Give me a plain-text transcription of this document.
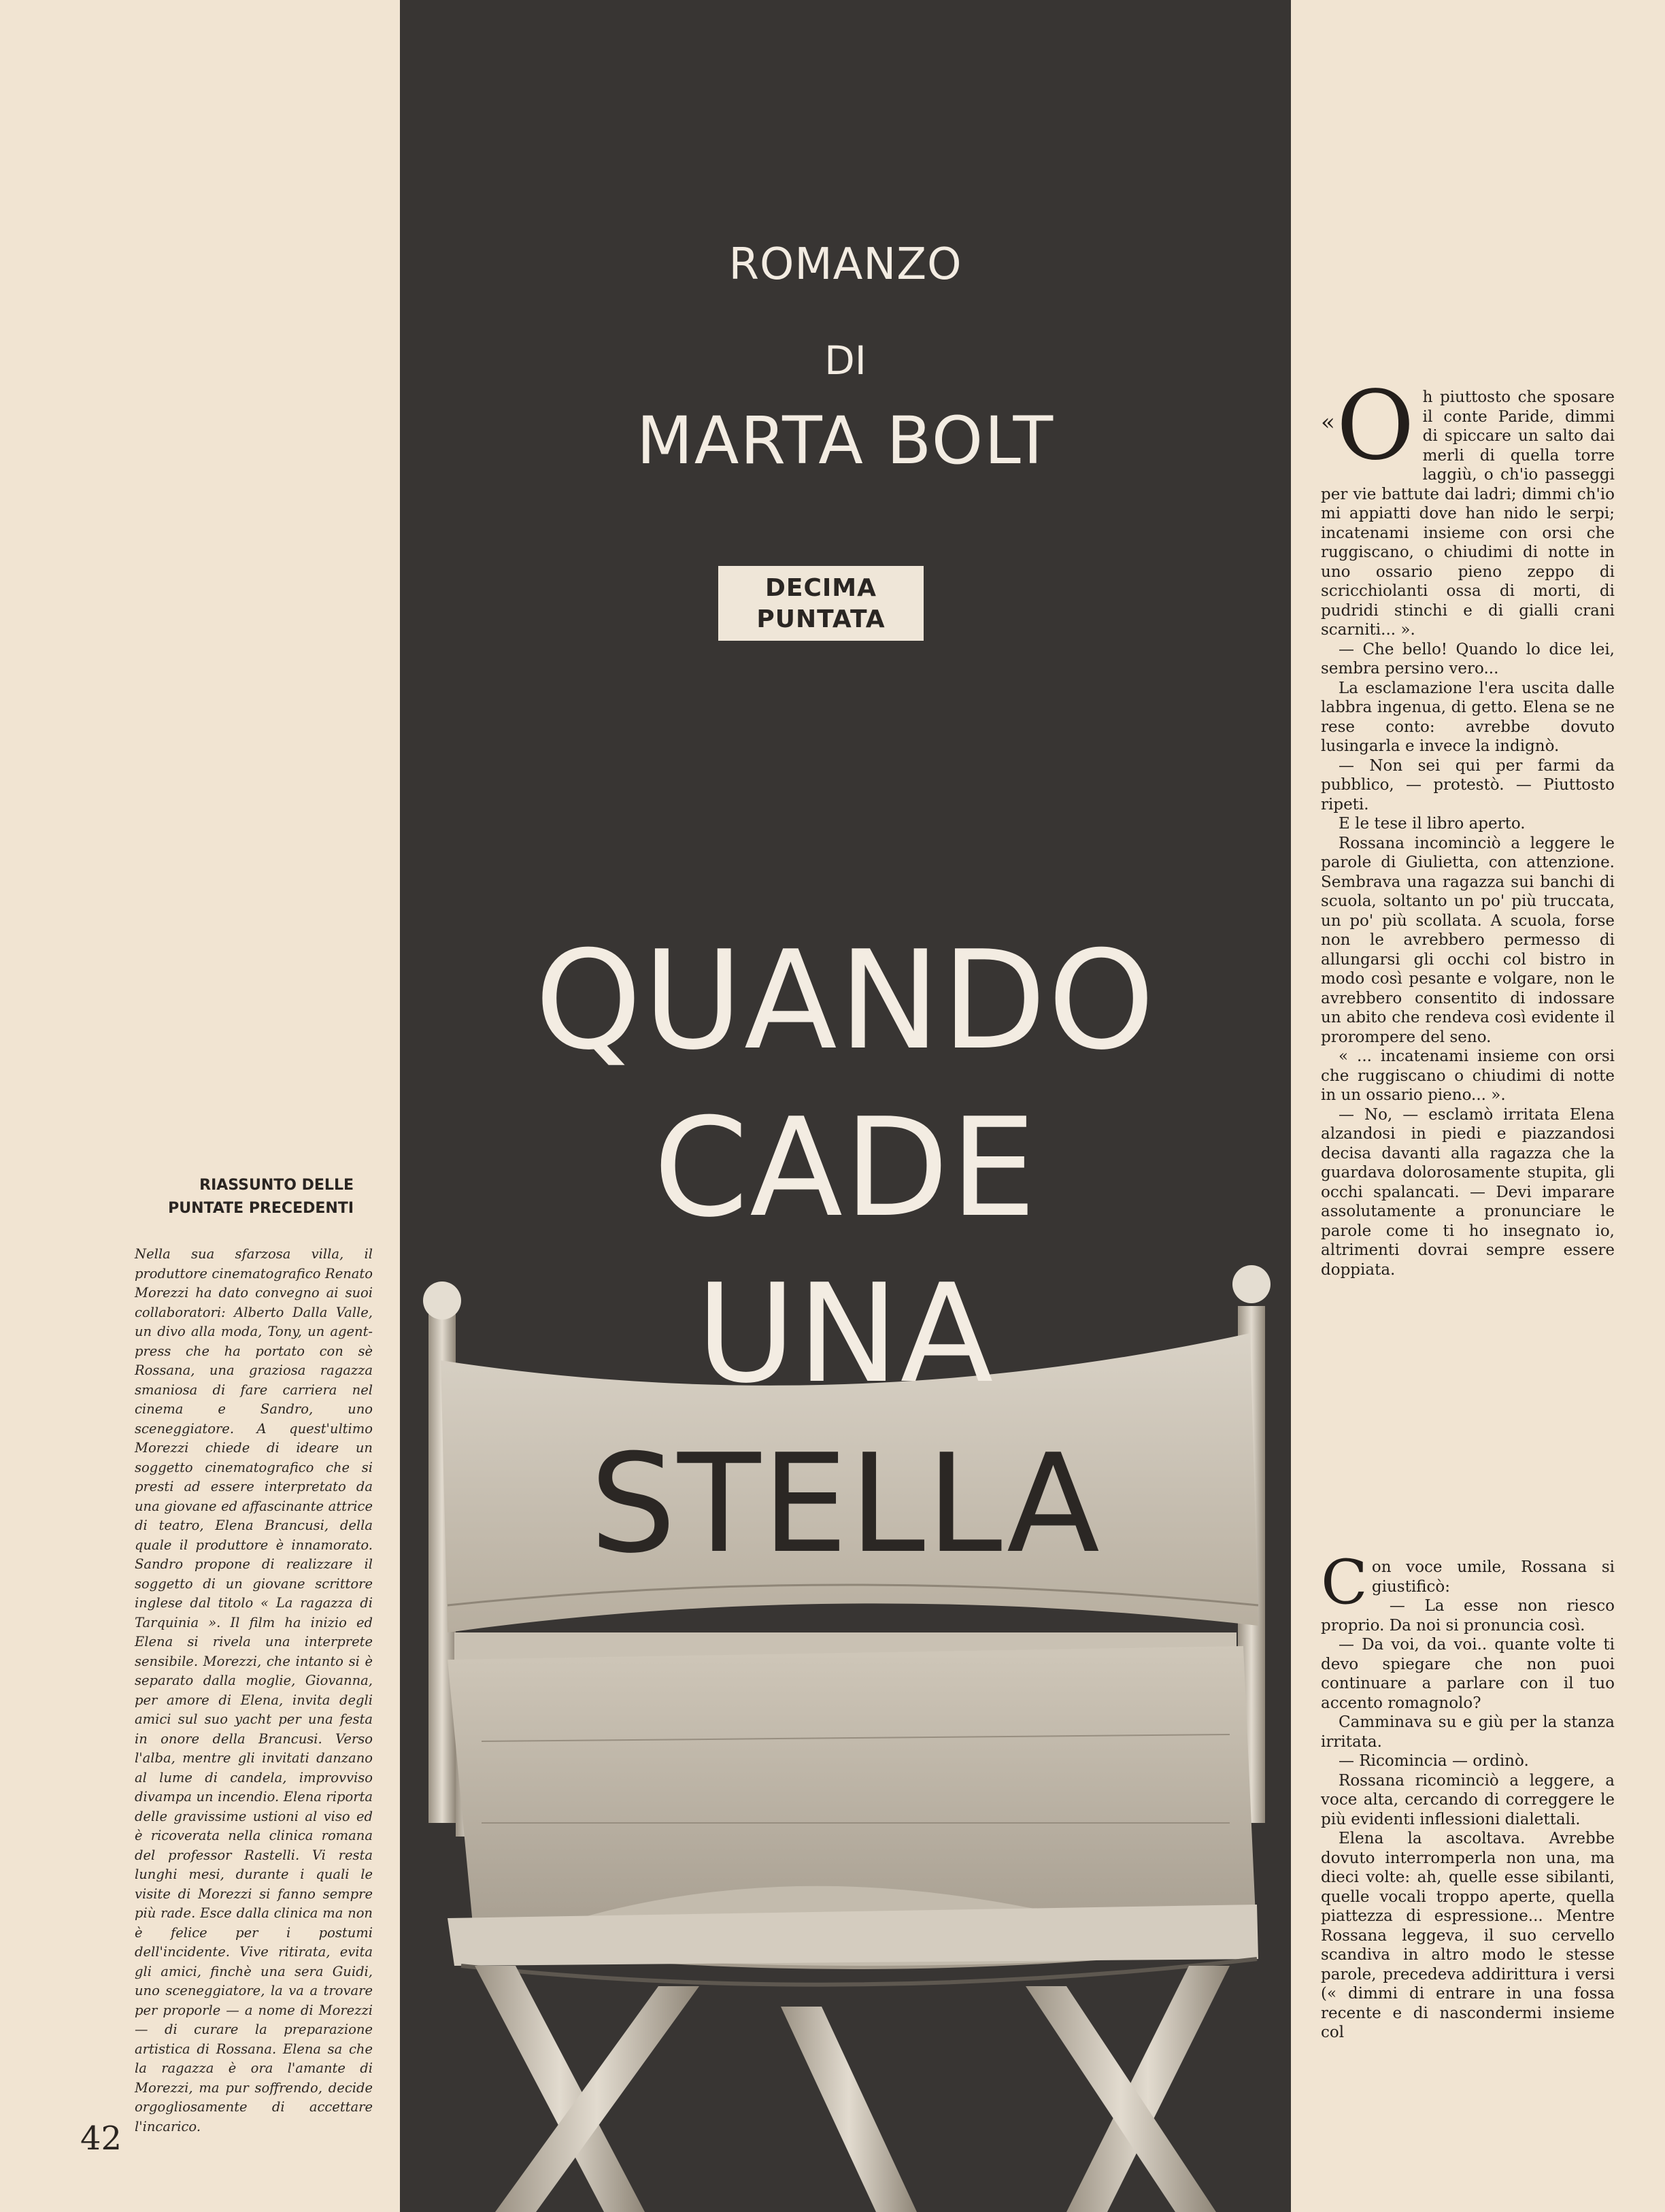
ROMANZO
DI
MARTA BOLT
DECIMA
PUNTATA
QUANDO
CADE
UNA
STELLA
RIASSUNTO DELLE
PUNTATE PRECEDENTI

Nella sua sfarzosa villa, il produttore cinematografico Renato Morezzi ha dato convegno ai suoi collaboratori: Alberto Dalla Valle, un divo alla moda, Tony, un agent-press che ha portato con sè Rossana, una graziosa ragazza smaniosa di fare carriera nel cinema e Sandro, uno sceneggiatore. A quest'ultimo Morezzi chiede di ideare un soggetto cinematografico che si presti ad essere interpretato da una giovane ed affascinante attrice di teatro, Elena Brancusi, della quale il produttore è innamorato. Sandro propone di realizzare il soggetto di un giovane scrittore inglese dal titolo « La ragazza di Tarquinia ». Il film ha inizio ed Elena si rivela una interprete sensibile. Morezzi, che intanto si è separato dalla moglie, Giovanna, per amore di Elena, invita degli amici sul suo yacht per una festa in onore della Brancusi. Verso l'alba, mentre gli invitati danzano al lume di candela, improvviso divampa un incendio. Elena riporta delle gravissime ustioni al viso ed è ricoverata nella clinica romana del professor Rastelli. Vi resta lunghi mesi, durante i quali le visite di Morezzi si fanno sempre più rade. Esce dalla clinica ma non è felice per i postumi dell'incidente. Vive ritirata, evita gli amici, finchè una sera Guidi, uno sceneggiatore, la va a trovare per proporle — a nome di Morezzi — di curare la preparazione artistica di Rossana. Elena sa che la ragazza è ora l'amante di Morezzi, ma pur soffrendo, decide orgogliosamente di accettare l'incarico.

42

« O h piuttosto che sposare il conte Paride, dimmi di spiccare un salto dai merli di quella torre laggiù, o ch'io passeggi per vie battute dai ladri; dimmi ch'io mi appiatti dove han nido le serpi; incatenami insieme con orsi che ruggiscano, o chiudimi di notte in uno ossario pieno zeppo di scricchiolanti ossa di morti, di pudridi stinchi e di gialli crani scarniti... ».

— Che bello! Quando lo dice lei, sembra persino vero...

La esclamazione l'era uscita dalle labbra ingenua, di getto. Elena se ne rese conto: avrebbe dovuto lusingarla e invece la indignò.

— Non sei qui per farmi da pubblico, — protestò. — Piuttosto ripeti.

E le tese il libro aperto.

Rossana incominciò a leggere le parole di Giulietta, con attenzione. Sembrava una ragazza sui banchi di scuola, soltanto un po' più truccata, un po' più scollata. A scuola, forse non le avrebbero permesso di allungarsi gli occhi col bistro in modo così pesante e volgare, non le avrebbero consentito di indossare un abito che rendeva così evidente il prorompere del seno.

« ... incatenami insieme con orsi che ruggiscano o chiudimi di notte in un ossario pieno... ».

— No, — esclamò irritata Elena alzandosi in piedi e piazzandosi decisa davanti alla ragazza che la guardava dolorosamente stupita, gli occhi spalancati. — Devi imparare assolutamente a pronunciare le parole come ti ho insegnato io, altrimenti dovrai sempre essere doppiata.

C on voce umile, Rossana si giustificò:

— La esse non riesco proprio. Da noi si pronuncia così.

— Da voi, da voi.. quante volte ti devo spiegare che non puoi continuare a parlare con il tuo accento romagnolo?

Camminava su e giù per la stanza irritata.

— Ricomincia — ordinò.

Rossana ricominciò a leggere, a voce alta, cercando di correggere le più evidenti inflessioni dialettali.

Elena la ascoltava. Avrebbe dovuto interromperla non una, ma dieci volte: ah, quelle esse sibilanti, quelle vocali troppo aperte, quella piattezza di espressione... Mentre Rossana leggeva, il suo cervello scandiva in altro modo le stesse parole, precedeva addirittura i versi (« dimmi di entrare in una fossa recente e di nascondermi insieme col
